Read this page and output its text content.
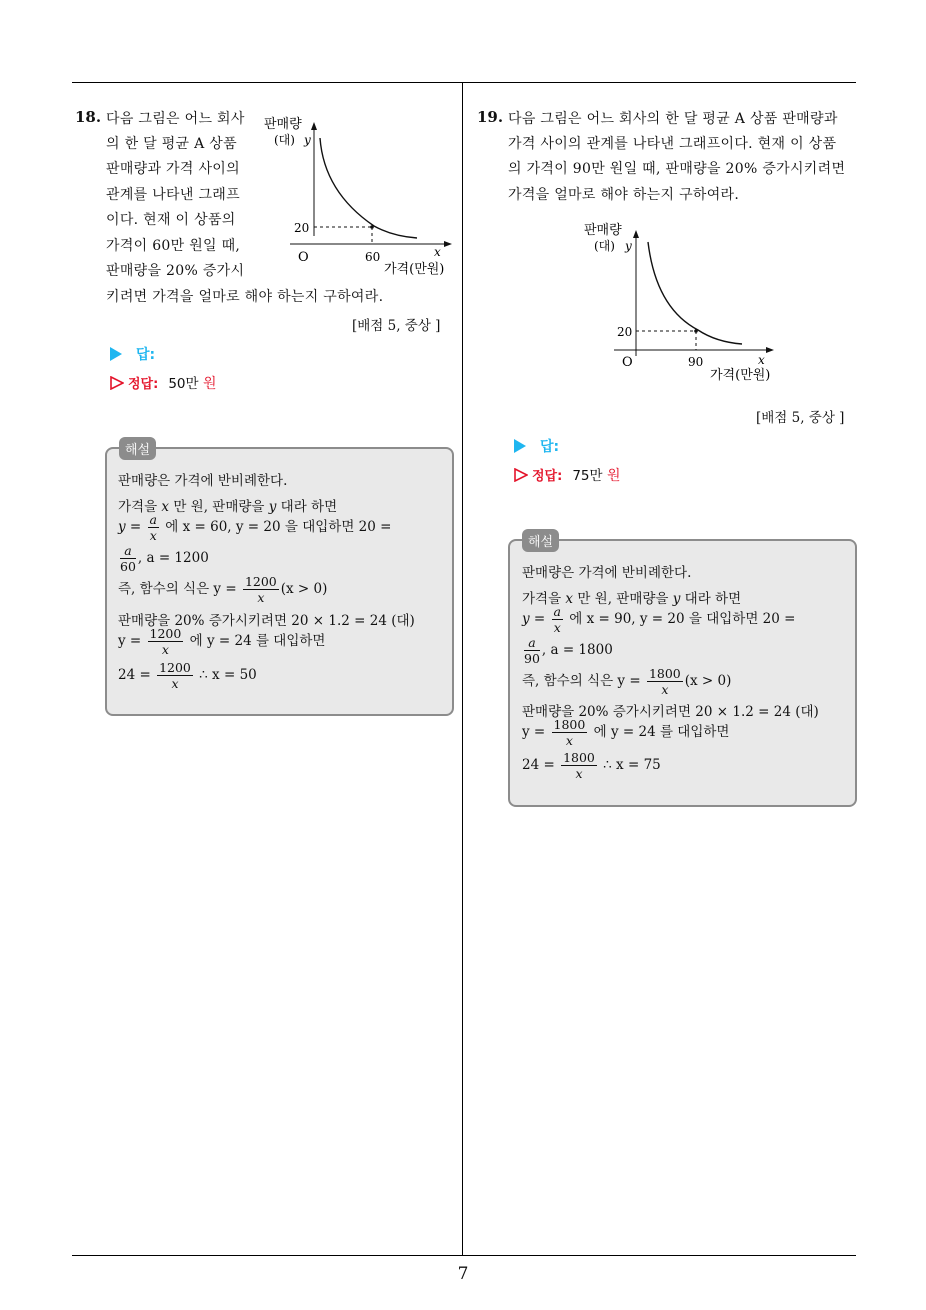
7
18. 다음 그림은 어느 회사
의 한 달 평균 A 상품
판매량과 가격 사이의
관계를 나타낸 그래프
이다. 현재 이 상품의
가격이 60만 원일 때,
판매량을 20% 증가시
키려면 가격을 얼마로 해야 하는지 구하여라.
판매량
(대) y
x
O
20
60
가격(만원)
[배점 5, 중상 ]
답:
정답: 50만 원
해설
판매량은 가격에 반비례한다.
가격을 x 만 원, 판매량을 y 대라 하면
$y = \frac{a}{x}$ 에 x = 60, y = 20 을 대입하면 20 =
$\frac{a}{60}$ , a = 1200
즉, 함수의 식은 $y = \frac{1200}{x} (x > 0)$
판매량을 20% 증가시키려면 20 × 1.2 = 24 (대)
$y = \frac{1200}{x}$ 에 y = 24 를 대입하면
$24 = \frac{1200}{x}$ ∴ x = 50
19. 다음 그림은 어느 회사의 한 달 평균 A 상품 판매량과
가격 사이의 관계를 나타낸 그래프이다. 현재 이 상품
의 가격이 90만 원일 때, 판매량을 20% 증가시키려면
가격을 얼마로 해야 하는지 구하여라.
판매량
(대) y
x
O
20
90
가격(만원)
[배점 5, 중상 ]
답:
정답: 75만 원
해설
판매량은 가격에 반비례한다.
가격을 x 만 원, 판매량을 y 대라 하면
$y = \frac{a}{x}$ 에 x = 90, y = 20 을 대입하면 20 =
$\frac{a}{90}$ , a = 1800
즉, 함수의 식은 $y = \frac{1800}{x} (x > 0)$
판매량을 20% 증가시키려면 20 × 1.2 = 24 (대)
$y = \frac{1800}{x}$ 에 y = 24 를 대입하면
$24 = \frac{1800}{x}$ ∴ x = 75
